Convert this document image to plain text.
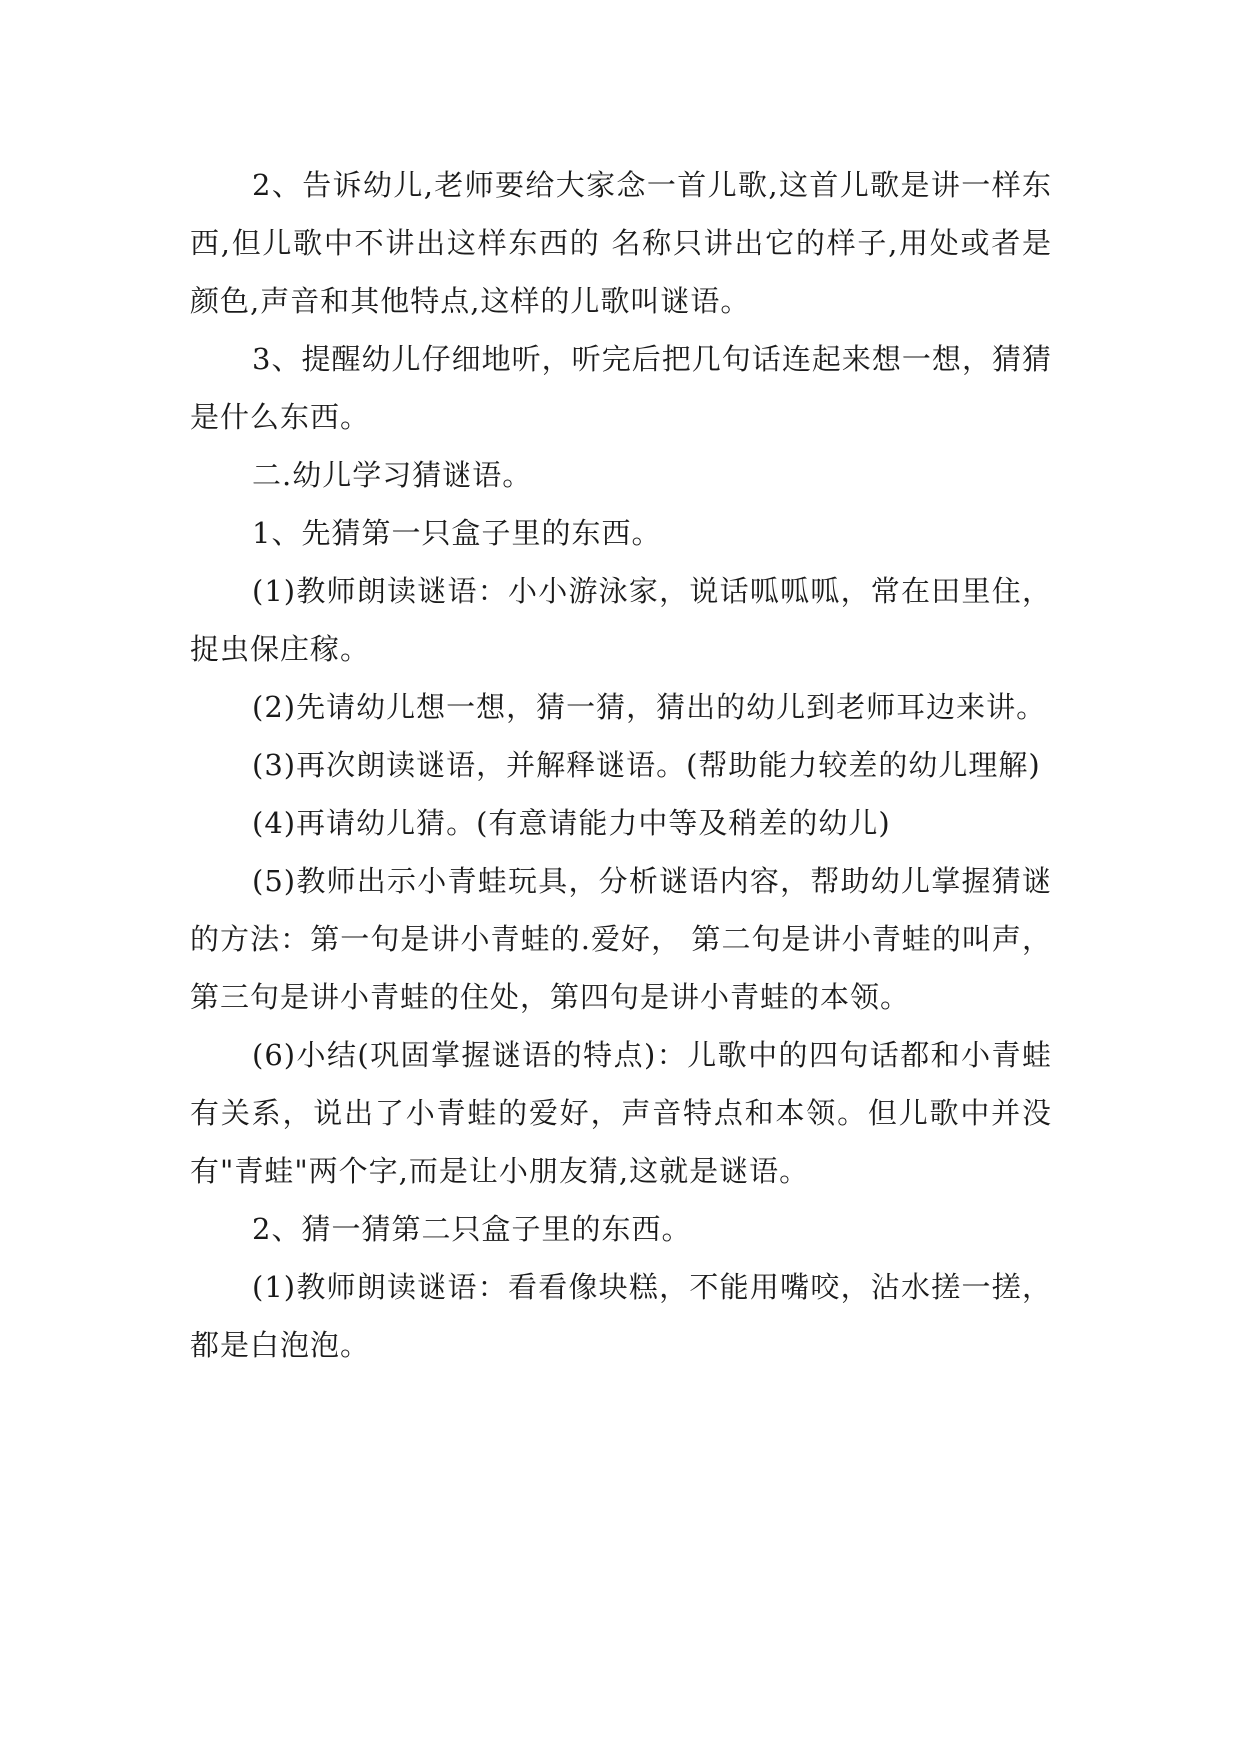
2、告诉幼儿,老师要给大家念一首儿歌,这首儿歌是讲一样东西,但儿歌中不讲出这样东西的 名称只讲出它的样子,用处或者是颜色,声音和其他特点,这样的儿歌叫谜语。

3、提醒幼儿仔细地听，听完后把几句话连起来想一想，猜猜是什么东西。

二.幼儿学习猜谜语。

1、先猜第一只盒子里的东西。

(1)教师朗读谜语：小小游泳家，说话呱呱呱，常在田里住，捉虫保庄稼。

(2)先请幼儿想一想，猜一猜，猜出的幼儿到老师耳边来讲。

(3)再次朗读谜语，并解释谜语。(帮助能力较差的幼儿理解)

(4)再请幼儿猜。(有意请能力中等及稍差的幼儿)

(5)教师出示小青蛙玩具，分析谜语内容，帮助幼儿掌握猜谜的方法：第一句是讲小青蛙的.爱好， 第二句是讲小青蛙的叫声，第三句是讲小青蛙的住处，第四句是讲小青蛙的本领。

(6)小结(巩固掌握谜语的特点)：儿歌中的四句话都和小青蛙有关系，说出了小青蛙的爱好，声音特点和本领。但儿歌中并没有"青蛙"两个字,而是让小朋友猜,这就是谜语。

2、猜一猜第二只盒子里的东西。

(1)教师朗读谜语：看看像块糕，不能用嘴咬，沾水搓一搓，都是白泡泡。
